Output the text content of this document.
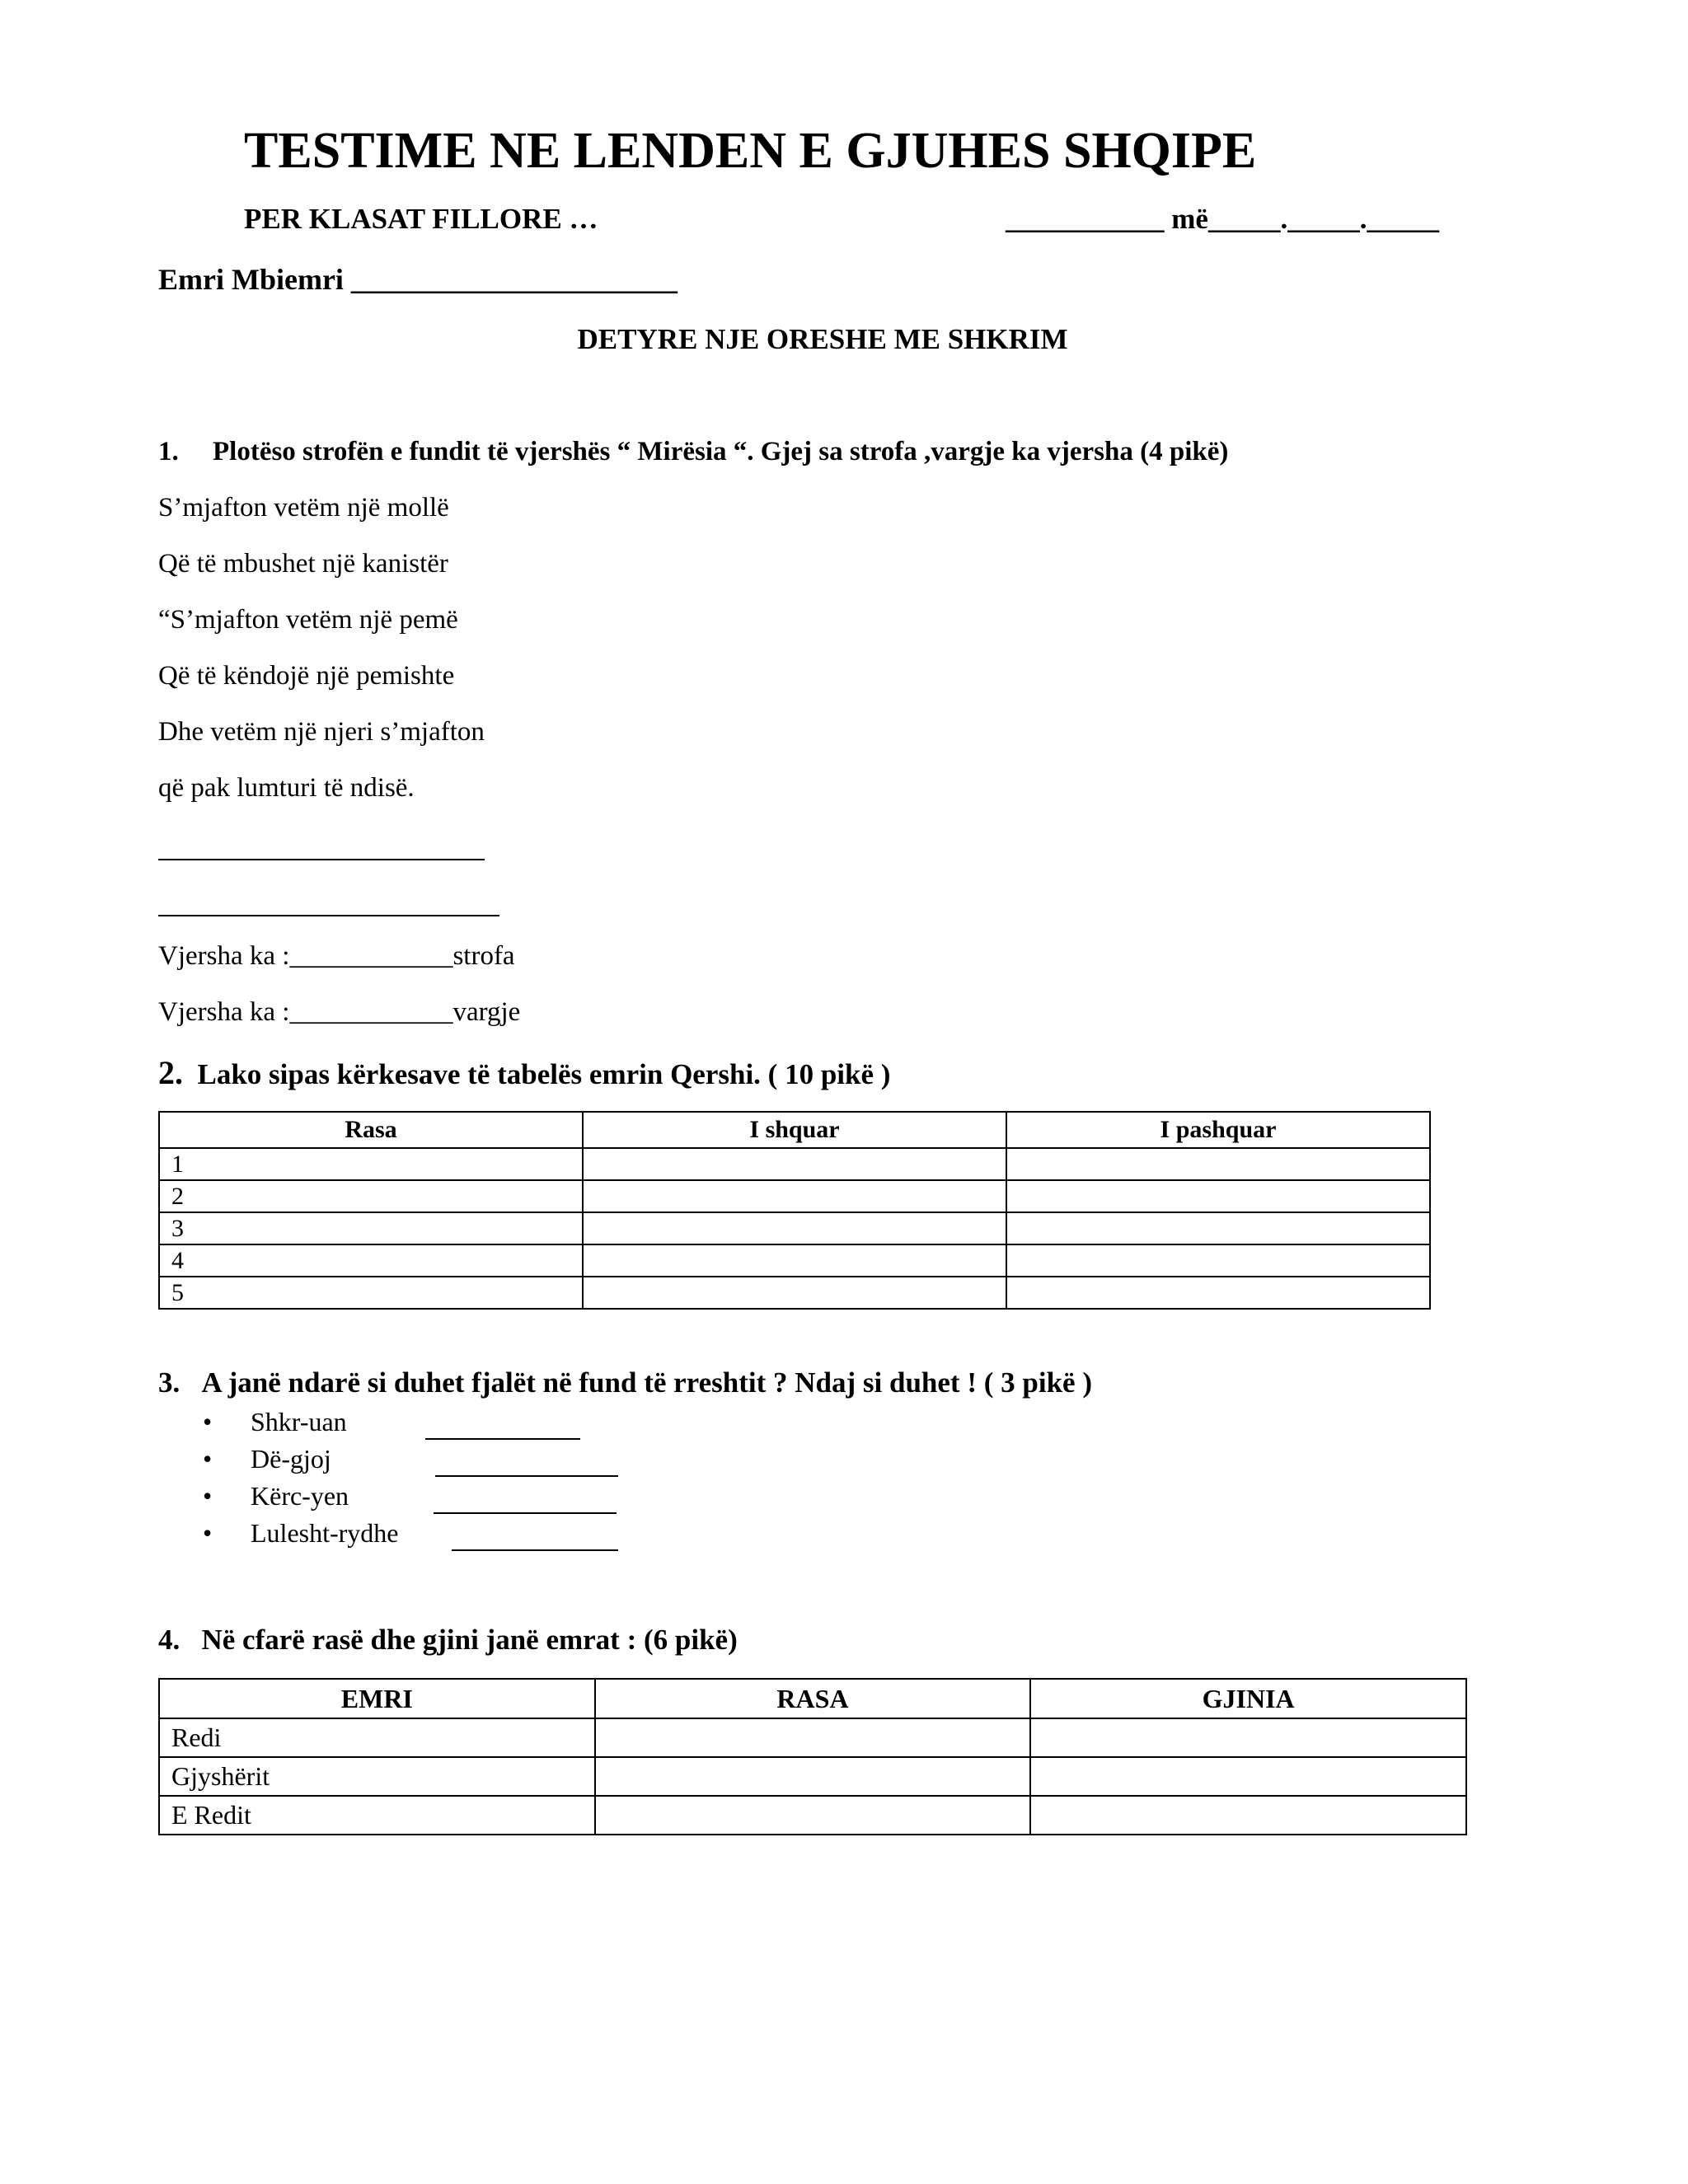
TESTIME NE LENDEN E GJUHES SHQIPE
PER KLASAT FILLORE …	___________ më_____._____._____
Emri Mbiemri ______________________
DETYRE NJE ORESHE ME SHKRIM
1. Plotëso strofën e fundit të vjershës “ Mirësia “. Gjej sa strofa ,vargje ka vjersha (4 pikë)
S’mjafton vetëm një mollë
Që të mbushet një kanistër
“S’mjafton vetëm një pemë
Që të këndojë një pemishte
Dhe vetëm një njeri s’mjafton
që pak lumturi të ndisë.
Vjersha ka :____________strofa
Vjersha ka :____________vargje
2. Lako sipas kërkesave të tabelës emrin Qershi. ( 10 pikë )
Rasa	I shquar	I pashquar
1		
2		
3		
4		
5		
3. A janë ndarë si duhet fjalët në fund të rreshtit ? Ndaj si duhet ! ( 3 pikë )
• Shkr-uan
• Dë-gjoj
• Kërc-yen
• Lulesht-rydhe
4. Në cfarë rasë dhe gjini janë emrat : (6 pikë)
EMRI	RASA	GJINIA
Redi		
Gjyshërit		
E Redit		
